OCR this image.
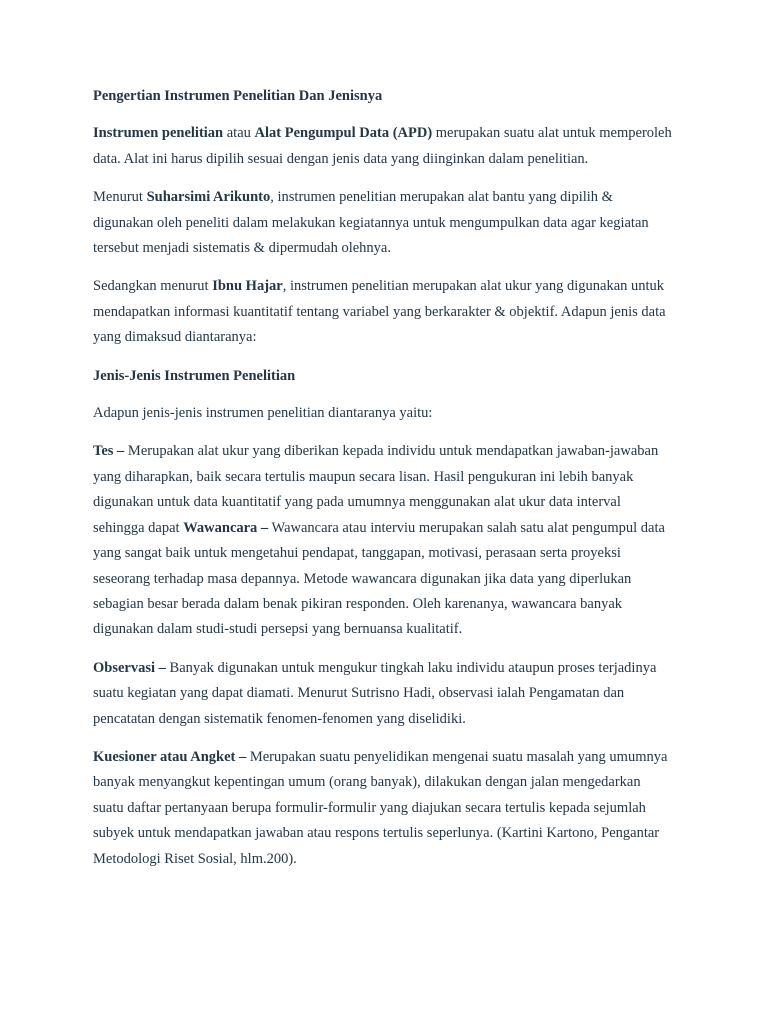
Pengertian Instrumen Penelitian Dan Jenisnya

Instrumen penelitian atau Alat Pengumpul Data (APD) merupakan suatu alat untuk memperoleh data. Alat ini harus dipilih sesuai dengan jenis data yang diinginkan dalam penelitian.

Menurut Suharsimi Arikunto, instrumen penelitian merupakan alat bantu yang dipilih & digunakan oleh peneliti dalam melakukan kegiatannya untuk mengumpulkan data agar kegiatan tersebut menjadi sistematis & dipermudah olehnya.

Sedangkan menurut Ibnu Hajar, instrumen penelitian merupakan alat ukur yang digunakan untuk mendapatkan informasi kuantitatif tentang variabel yang berkarakter & objektif. Adapun jenis data yang dimaksud diantaranya:

Jenis-Jenis Instrumen Penelitian

Adapun jenis-jenis instrumen penelitian diantaranya yaitu:

Tes – Merupakan alat ukur yang diberikan kepada individu untuk mendapatkan jawaban-jawaban yang diharapkan, baik secara tertulis maupun secara lisan. Hasil pengukuran ini lebih banyak digunakan untuk data kuantitatif yang pada umumnya menggunakan alat ukur data interval sehingga dapat Wawancara – Wawancara atau interviu merupakan salah satu alat pengumpul data yang sangat baik untuk mengetahui pendapat, tanggapan, motivasi, perasaan serta proyeksi seseorang terhadap masa depannya. Metode wawancara digunakan jika data yang diperlukan sebagian besar berada dalam benak pikiran responden. Oleh karenanya, wawancara banyak digunakan dalam studi-studi persepsi yang bernuansa kualitatif.

Observasi – Banyak digunakan untuk mengukur tingkah laku individu ataupun proses terjadinya suatu kegiatan yang dapat diamati. Menurut Sutrisno Hadi, observasi ialah Pengamatan dan pencatatan dengan sistematik fenomen-fenomen yang diselidiki.

Kuesioner atau Angket – Merupakan suatu penyelidikan mengenai suatu masalah yang umumnya banyak menyangkut kepentingan umum (orang banyak), dilakukan dengan jalan mengedarkan suatu daftar pertanyaan berupa formulir-formulir yang diajukan secara tertulis kepada sejumlah subyek untuk mendapatkan jawaban atau respons tertulis seperlunya. (Kartini Kartono, Pengantar Metodologi Riset Sosial, hlm.200).
